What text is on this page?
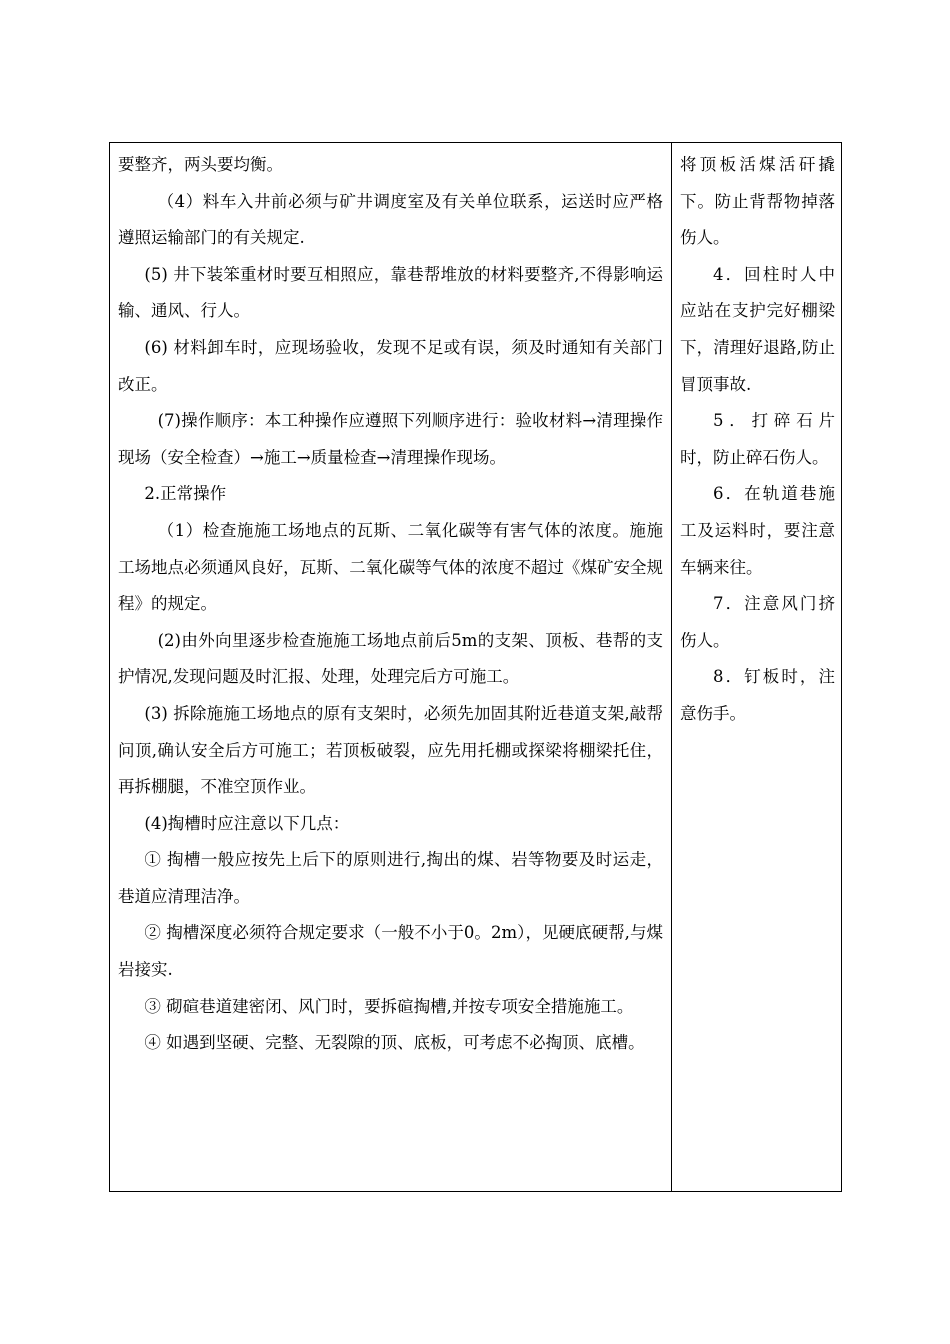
要整齐，两头要均衡。

（4）料车入井前必须与矿井调度室及有关单位联系，运送时应严格遵照运输部门的有关规定.

(5) 井下装笨重材时要互相照应，靠巷帮堆放的材料要整齐,不得影响运输、通风、行人。

(6) 材料卸车时，应现场验收，发现不足或有误，须及时通知有关部门改正。

(7)操作顺序：本工种操作应遵照下列顺序进行：验收材料→清理操作现场（安全检查）→施工→质量检查→清理操作现场。

2.正常操作

（1）检查施施工场地点的瓦斯、二氧化碳等有害气体的浓度。施施工场地点必须通风良好，瓦斯、二氧化碳等气体的浓度不超过《煤矿安全规程》的规定。

(2)由外向里逐步检查施施工场地点前后5m的支架、顶板、巷帮的支护情况,发现问题及时汇报、处理，处理完后方可施工。

(3) 拆除施施工场地点的原有支架时，必须先加固其附近巷道支架,敲帮问顶,确认安全后方可施工；若顶板破裂，应先用托棚或探梁将棚梁托住，再拆棚腿，不准空顶作业。

(4)掏槽时应注意以下几点：

① 掏槽一般应按先上后下的原则进行,掏出的煤、岩等物要及时运走，巷道应清理洁净。

② 掏槽深度必须符合规定要求（一般不小于0。2m），见硬底硬帮,与煤岩接实.

③ 砌碹巷道建密闭、风门时，要拆碹掏槽,并按专项安全措施施工。

④ 如遇到坚硬、完整、无裂隙的顶、底板，可考虑不必掏顶、底槽。

将顶板活煤活矸撬下。防止背帮物掉落伤人。

4．回柱时人中应站在支护完好棚梁下，清理好退路,防止冒顶事故.

5．打碎石片时，防止碎石伤人。

6．在轨道巷施工及运料时，要注意车辆来往。

7．注意风门挤伤人。

8．钉板时，注意伤手。
